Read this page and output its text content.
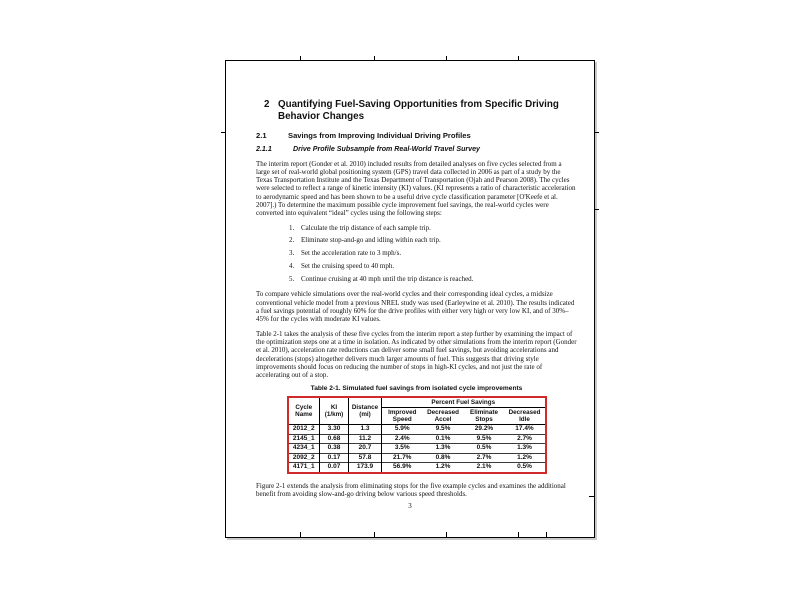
2 Quantifying Fuel-Saving Opportunities from Specific Driving Behavior Changes
2.1	Savings from Improving Individual Driving Profiles
2.1.1	Drive Profile Subsample from Real-World Travel Survey

The interim report (Gonder et al. 2010) included results from detailed analyses on five cycles selected from a large set of real-world global positioning system (GPS) travel data collected in 2006 as part of a study by the Texas Transportation Institute and the Texas Department of Transportation (Ojah and Pearson 2008). The cycles were selected to reflect a range of kinetic intensity (KI) values. (KI represents a ratio of characteristic acceleration to aerodynamic speed and has been shown to be a useful drive cycle classification parameter [O'Keefe et al. 2007].) To determine the maximum possible cycle improvement fuel savings, the real-world cycles were converted into equivalent “ideal” cycles using the following steps:

1. Calculate the trip distance of each sample trip.
2. Eliminate stop-and-go and idling within each trip.
3. Set the acceleration rate to 3 mph/s.
4. Set the cruising speed to 40 mph.
5. Continue cruising at 40 mph until the trip distance is reached.

To compare vehicle simulations over the real-world cycles and their corresponding ideal cycles, a midsize conventional vehicle model from a previous NREL study was used (Earleywine et al. 2010). The results indicated a fuel savings potential of roughly 60% for the drive profiles with either very high or very low KI, and of 30%–45% for the cycles with moderate KI values.

Table 2-1 takes the analysis of these five cycles from the interim report a step further by examining the impact of the optimization steps one at a time in isolation. As indicated by other simulations from the interim report (Gonder et al. 2010), acceleration rate reductions can deliver some small fuel savings, but avoiding accelerations and decelerations (stops) altogether delivers much larger amounts of fuel. This suggests that driving style improvements should focus on reducing the number of stops in high-KI cycles, and not just the rate of accelerating out of a stop.

Table 2-1. Simulated fuel savings from isolated cycle improvements
Cycle Name	KI (1/km)	Distance (mi)	Percent Fuel Savings			
			Improved Speed	Decreased Accel	Eliminate Stops	Decreased Idle
2012_2	3.30	1.3	5.9%	9.5%	29.2%	17.4%
2145_1	0.68	11.2	2.4%	0.1%	9.5%	2.7%
4234_1	0.38	20.7	3.5%	1.3%	0.5%	1.3%
2092_2	0.17	57.8	21.7%	0.8%	2.7%	1.2%
4171_1	0.07	173.9	56.9%	1.2%	2.1%	0.5%

Figure 2-1 extends the analysis from eliminating stops for the five example cycles and examines the additional benefit from avoiding slow-and-go driving below various speed thresholds.

3
